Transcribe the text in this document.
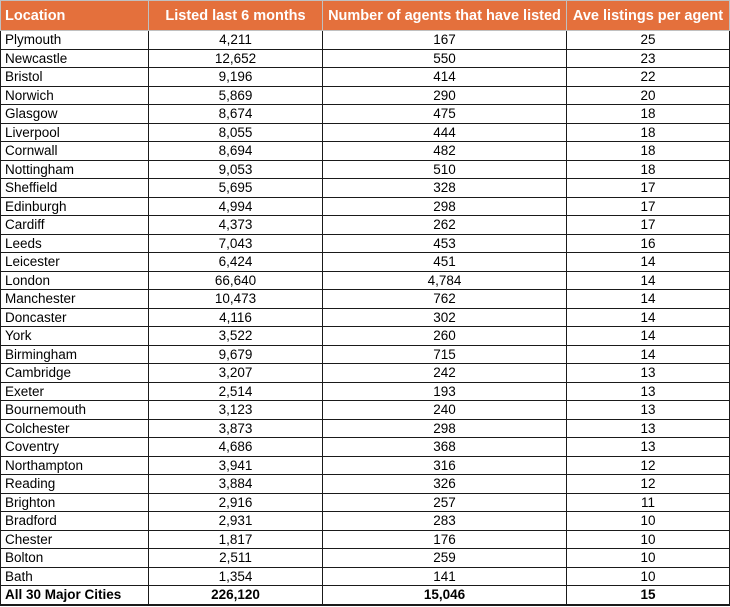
Location	Listed last 6 months	Number of agents that have listed	Ave listings per agent
Plymouth	4,211	167	25
Newcastle	12,652	550	23
Bristol	9,196	414	22
Norwich	5,869	290	20
Glasgow	8,674	475	18
Liverpool	8,055	444	18
Cornwall	8,694	482	18
Nottingham	9,053	510	18
Sheffield	5,695	328	17
Edinburgh	4,994	298	17
Cardiff	4,373	262	17
Leeds	7,043	453	16
Leicester	6,424	451	14
London	66,640	4,784	14
Manchester	10,473	762	14
Doncaster	4,116	302	14
York	3,522	260	14
Birmingham	9,679	715	14
Cambridge	3,207	242	13
Exeter	2,514	193	13
Bournemouth	3,123	240	13
Colchester	3,873	298	13
Coventry	4,686	368	13
Northampton	3,941	316	12
Reading	3,884	326	12
Brighton	2,916	257	11
Bradford	2,931	283	10
Chester	1,817	176	10
Bolton	2,511	259	10
Bath	1,354	141	10
All 30 Major Cities	226,120	15,046	15
